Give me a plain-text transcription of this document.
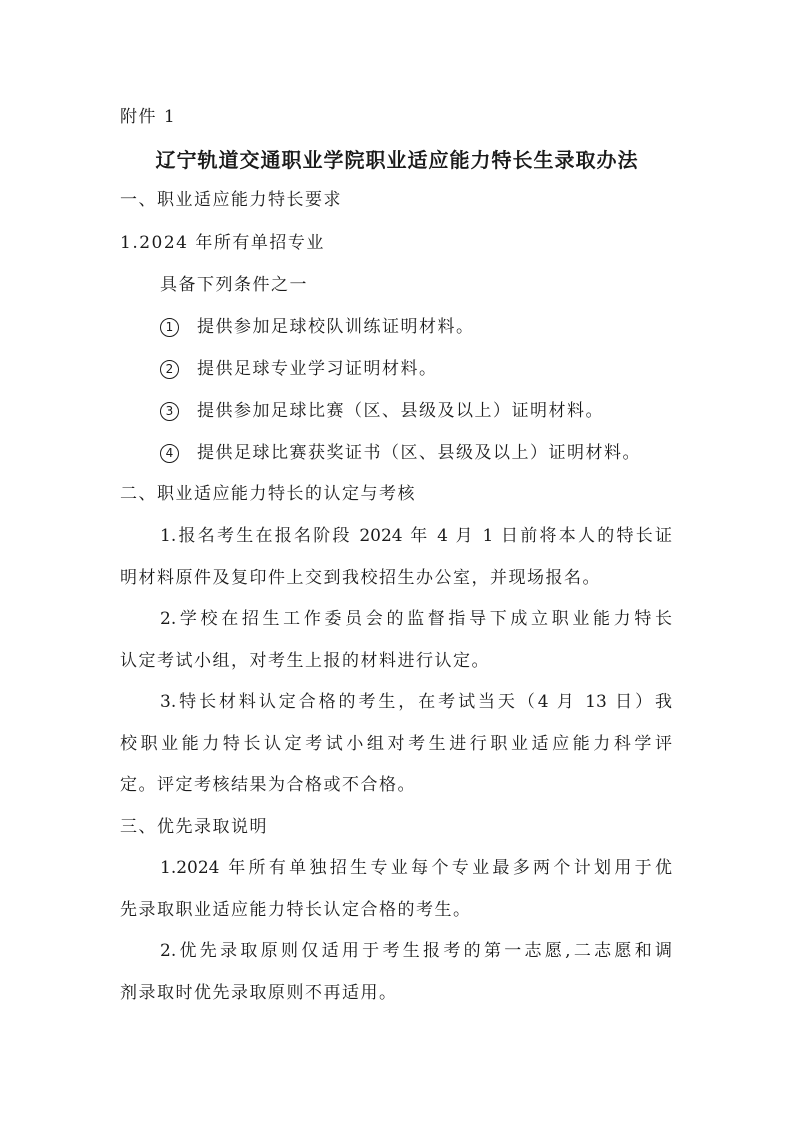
附件 1
辽宁轨道交通职业学院职业适应能力特长生录取办法
一、职业适应能力特长要求
1.2024 年所有单招专业
具备下列条件之一
1 提供参加足球校队训练证明材料。
2 提供足球专业学习证明材料。
3 提供参加足球比赛（区、县级及以上）证明材料。
4 提供足球比赛获奖证书（区、县级及以上）证明材料。
二、职业适应能力特长的认定与考核
1.报名考生在报名阶段 2024 年 4 月 1 日前将本人的特长证
明材料原件及复印件上交到我校招生办公室，并现场报名。
2.学校在招生工作委员会的监督指导下成立职业能力特长
认定考试小组，对考生上报的材料进行认定。
3.特长材料认定合格的考生，在考试当天（4 月 13 日）我
校职业能力特长认定考试小组对考生进行职业适应能力科学评
定。评定考核结果为合格或不合格。
三、优先录取说明
1.2024 年所有单独招生专业每个专业最多两个计划用于优
先录取职业适应能力特长认定合格的考生。
2.优先录取原则仅适用于考生报考的第一志愿,二志愿和调
剂录取时优先录取原则不再适用。
